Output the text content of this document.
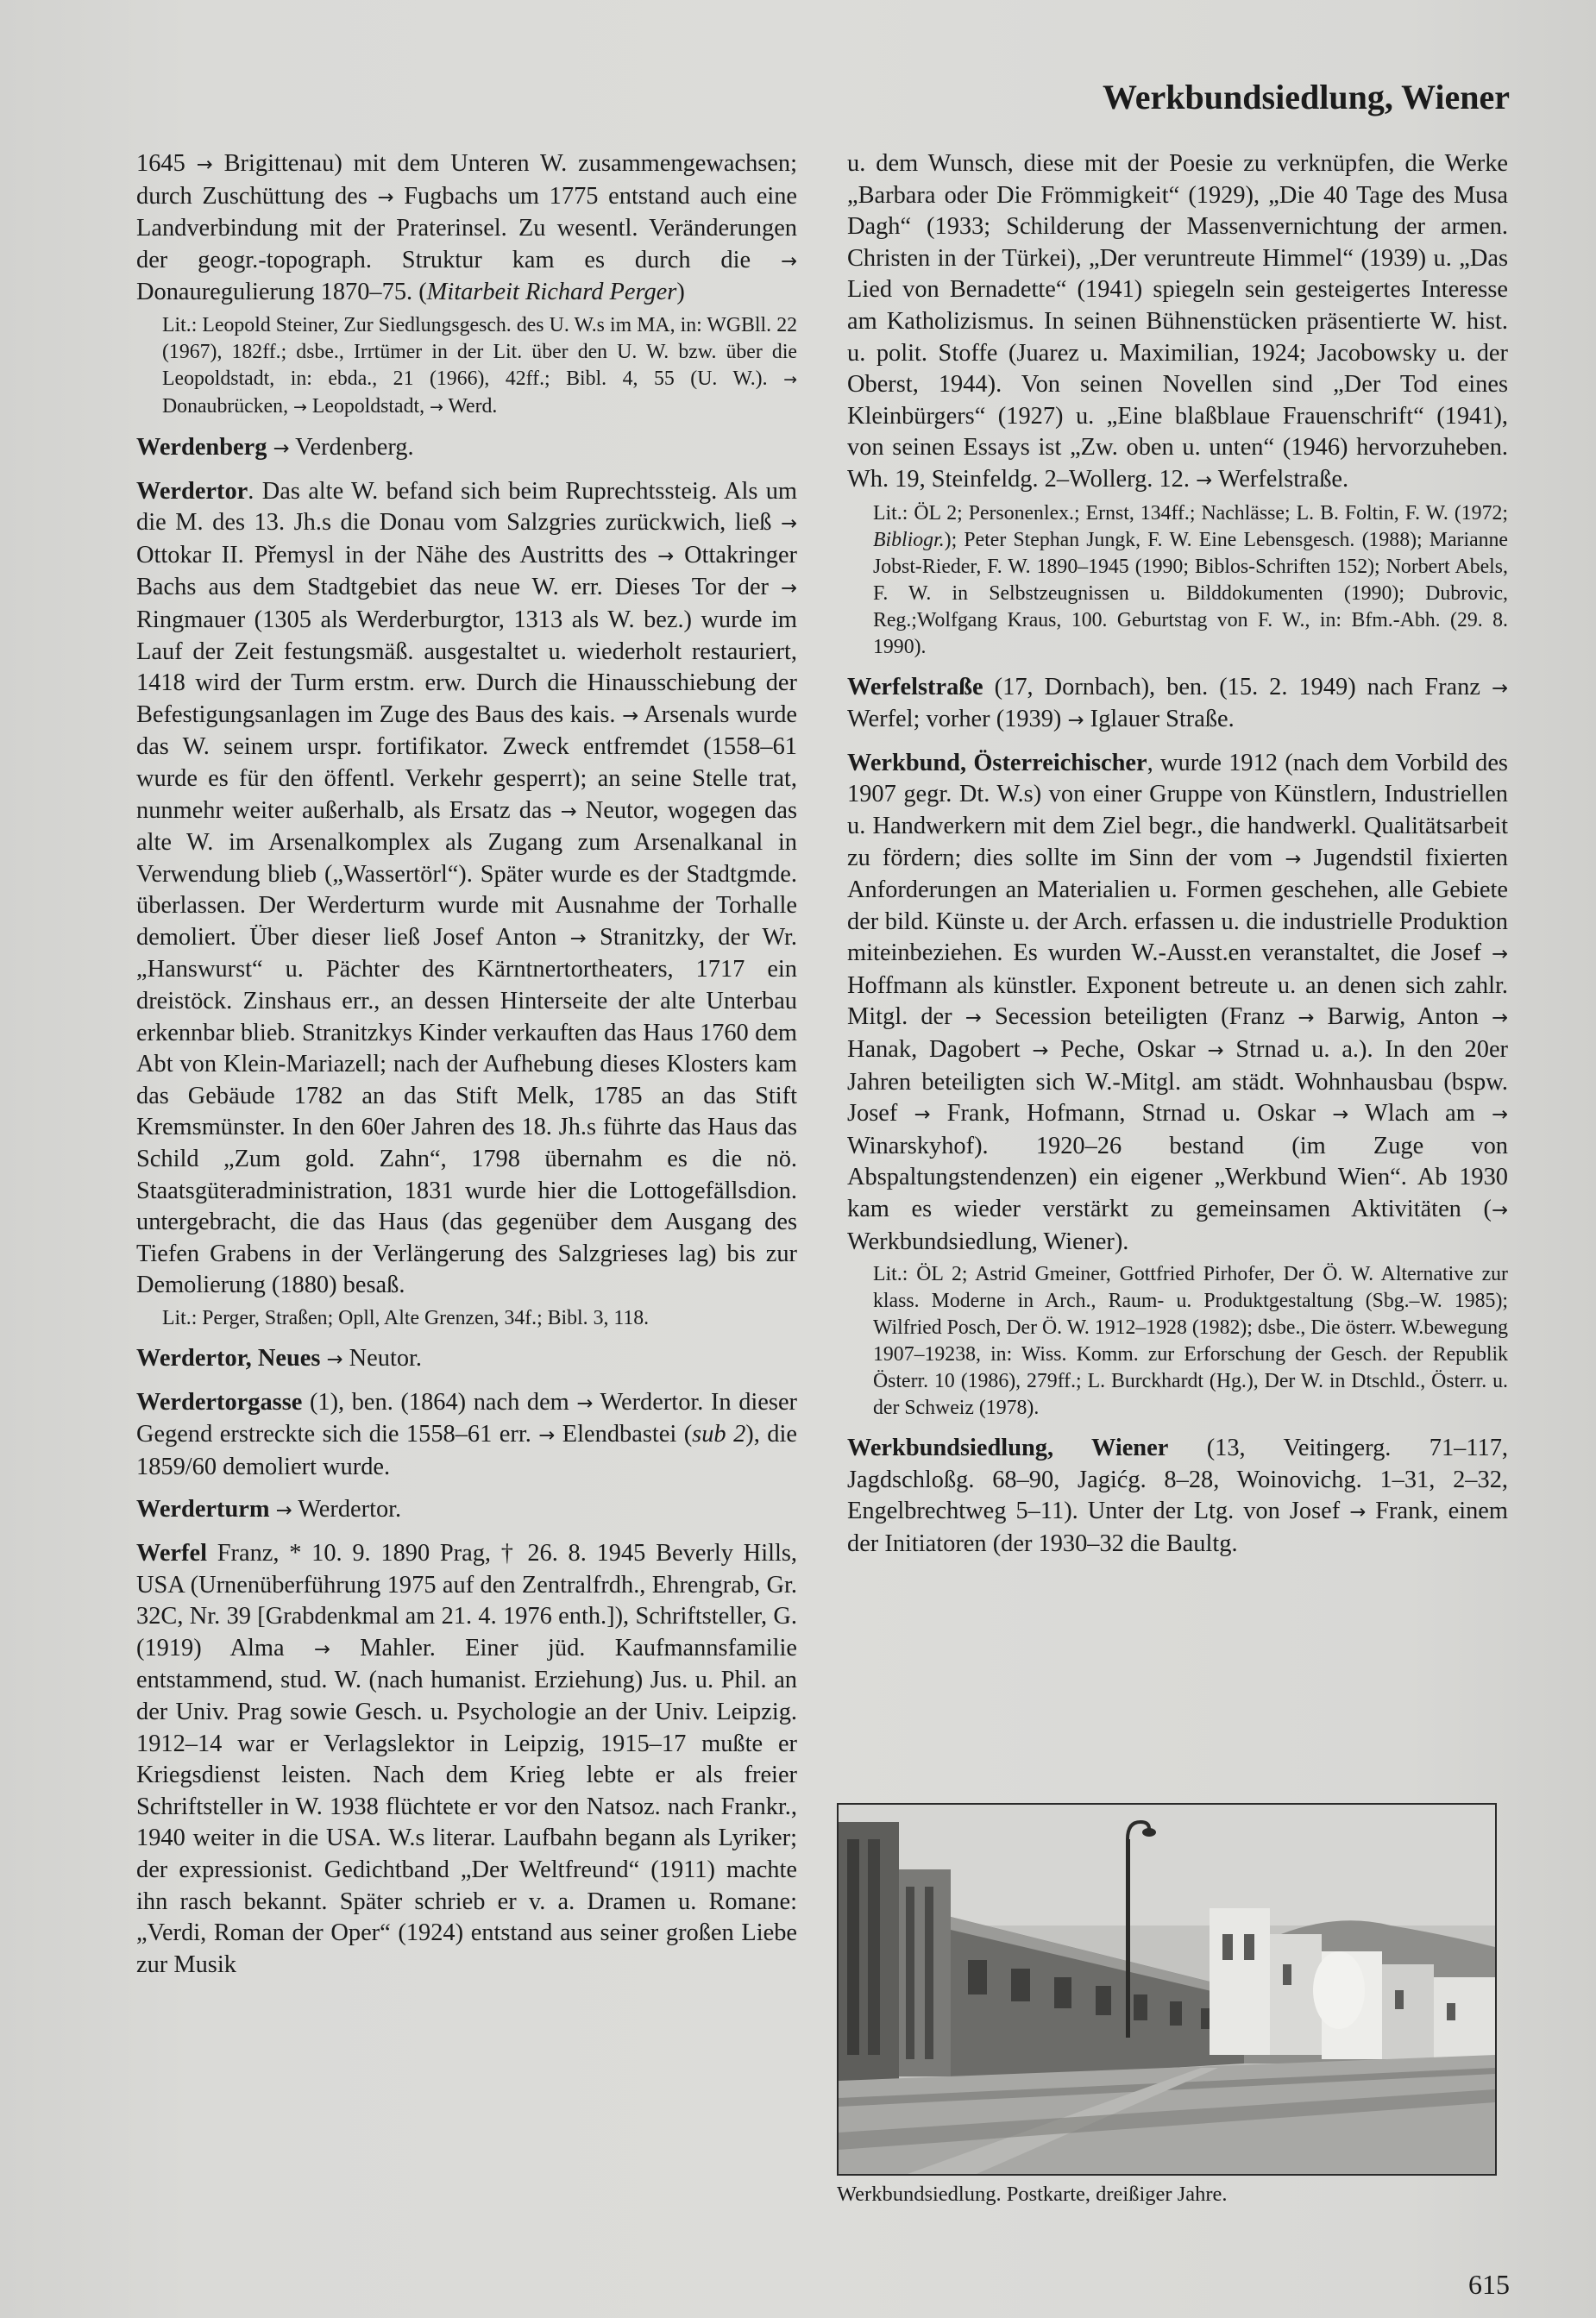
Werkbundsiedlung, Wiener

1645 → Brigittenau) mit dem Unteren W. zusammengewachsen; durch Zuschüttung des → Fugbachs um 1775 entstand auch eine Landverbindung mit der Praterinsel. Zu wesentl. Veränderungen der geogr.-topograph. Struktur kam es durch die → Donauregulierung 1870–75. (Mitarbeit Richard Perger)

Lit.: Leopold Steiner, Zur Siedlungsgesch. des U. W.s im MA, in: WGBll. 22 (1967), 182ff.; dsbe., Irrtümer in der Lit. über den U. W. bzw. über die Leopoldstadt, in: ebda., 21 (1966), 42ff.; Bibl. 4, 55 (U. W.). → Donaubrücken, → Leopoldstadt, → Werd.

Werdenberg → Verdenberg.

Werdertor. Das alte W. befand sich beim Ruprechtssteig. Als um die M. des 13. Jh.s die Donau vom Salzgries zurückwich, ließ → Ottokar II. Přemysl in der Nähe des Austritts des → Ottakringer Bachs aus dem Stadtgebiet das neue W. err. Dieses Tor der → Ringmauer (1305 als Werderburgtor, 1313 als W. bez.) wurde im Lauf der Zeit festungsmäß. ausgestaltet u. wiederholt restauriert, 1418 wird der Turm erstm. erw. Durch die Hinausschiebung der Befestigungsanlagen im Zuge des Baus des kais. → Arsenals wurde das W. seinem urspr. fortifikator. Zweck entfremdet (1558–61 wurde es für den öffentl. Verkehr gesperrt); an seine Stelle trat, nunmehr weiter außerhalb, als Ersatz das → Neutor, wogegen das alte W. im Arsenalkomplex als Zugang zum Arsenalkanal in Verwendung blieb („Wassertörl“). Später wurde es der Stadtgmde. überlassen. Der Werderturm wurde mit Ausnahme der Torhalle demoliert. Über dieser ließ Josef Anton → Stranitzky, der Wr. „Hanswurst“ u. Pächter des Kärntnertortheaters, 1717 ein dreistöck. Zinshaus err., an dessen Hinterseite der alte Unterbau erkennbar blieb. Stranitzkys Kinder verkauften das Haus 1760 dem Abt von Klein-Mariazell; nach der Aufhebung dieses Klosters kam das Gebäude 1782 an das Stift Melk, 1785 an das Stift Kremsmünster. In den 60er Jahren des 18. Jh.s führte das Haus das Schild „Zum gold. Zahn“, 1798 übernahm es die nö. Staatsgüteradministration, 1831 wurde hier die Lottogefällsdion. untergebracht, die das Haus (das gegenüber dem Ausgang des Tiefen Grabens in der Verlängerung des Salzgrieses lag) bis zur Demolierung (1880) besaß.

Lit.: Perger, Straßen; Opll, Alte Grenzen, 34f.; Bibl. 3, 118.

Werdertor, Neues → Neutor.

Werdertorgasse (1), ben. (1864) nach dem → Werdertor. In dieser Gegend erstreckte sich die 1558–61 err. → Elendbastei (sub 2), die 1859/60 demoliert wurde.

Werderturm → Werdertor.

Werfel Franz, * 10. 9. 1890 Prag, † 26. 8. 1945 Beverly Hills, USA (Urnenüberführung 1975 auf den Zentralfrdh., Ehrengrab, Gr. 32C, Nr. 39 [Grabdenkmal am 21. 4. 1976 enth.]), Schriftsteller, G. (1919) Alma → Mahler. Einer jüd. Kaufmannsfamilie entstammend, stud. W. (nach humanist. Erziehung) Jus. u. Phil. an der Univ. Prag sowie Gesch. u. Psychologie an der Univ. Leipzig. 1912–14 war er Verlagslektor in Leipzig, 1915–17 mußte er Kriegsdienst leisten. Nach dem Krieg lebte er als freier Schriftsteller in W. 1938 flüchtete er vor den Natsoz. nach Frankr., 1940 weiter in die USA. W.s literar. Laufbahn begann als Lyriker; der expressionist. Gedichtband „Der Weltfreund“ (1911) machte ihn rasch bekannt. Später schrieb er v. a. Dramen u. Romane: „Verdi, Roman der Oper“ (1924) entstand aus seiner großen Liebe zur Musik

u. dem Wunsch, diese mit der Poesie zu verknüpfen, die Werke „Barbara oder Die Frömmigkeit“ (1929), „Die 40 Tage des Musa Dagh“ (1933; Schilderung der Massenvernichtung der armen. Christen in der Türkei), „Der veruntreute Himmel“ (1939) u. „Das Lied von Bernadette“ (1941) spiegeln sein gesteigertes Interesse am Katholizismus. In seinen Bühnenstücken präsentierte W. hist. u. polit. Stoffe (Juarez u. Maximilian, 1924; Jacobowsky u. der Oberst, 1944). Von seinen Novellen sind „Der Tod eines Kleinbürgers“ (1927) u. „Eine blaßblaue Frauenschrift“ (1941), von seinen Essays ist „Zw. oben u. unten“ (1946) hervorzuheben. Wh. 19, Steinfeldg. 2–Wollerg. 12. → Werfelstraße.

Lit.: ÖL 2; Personenlex.; Ernst, 134ff.; Nachlässe; L. B. Foltin, F. W. (1972; Bibliogr.); Peter Stephan Jungk, F. W. Eine Lebensgesch. (1988); Marianne Jobst-Rieder, F. W. 1890–1945 (1990; Biblos-Schriften 152); Norbert Abels, F. W. in Selbstzeugnissen u. Bilddokumenten (1990); Dubrovic, Reg.;Wolfgang Kraus, 100. Geburtstag von F. W., in: Bfm.-Abh. (29. 8. 1990).

Werfelstraße (17, Dornbach), ben. (15. 2. 1949) nach Franz → Werfel; vorher (1939) → Iglauer Straße.

Werkbund, Österreichischer, wurde 1912 (nach dem Vorbild des 1907 gegr. Dt. W.s) von einer Gruppe von Künstlern, Industriellen u. Handwerkern mit dem Ziel begr., die handwerkl. Qualitätsarbeit zu fördern; dies sollte im Sinn der vom → Jugendstil fixierten Anforderungen an Materialien u. Formen geschehen, alle Gebiete der bild. Künste u. der Arch. erfassen u. die industrielle Produktion miteinbeziehen. Es wurden W.-Ausst.en veranstaltet, die Josef → Hoffmann als künstler. Exponent betreute u. an denen sich zahlr. Mitgl. der → Secession beteiligten (Franz → Barwig, Anton → Hanak, Dagobert → Peche, Oskar → Strnad u. a.). In den 20er Jahren beteiligten sich W.-Mitgl. am städt. Wohnhausbau (bspw. Josef → Frank, Hofmann, Strnad u. Oskar → Wlach am → Winarskyhof). 1920–26 bestand (im Zuge von Abspaltungstendenzen) ein eigener „Werkbund Wien“. Ab 1930 kam es wieder verstärkt zu gemeinsamen Aktivitäten (→ Werkbundsiedlung, Wiener).

Lit.: ÖL 2; Astrid Gmeiner, Gottfried Pirhofer, Der Ö. W. Alternative zur klass. Moderne in Arch., Raum- u. Produktgestaltung (Sbg.–W. 1985); Wilfried Posch, Der Ö. W. 1912–1928 (1982); dsbe., Die österr. W.bewegung 1907–19238, in: Wiss. Komm. zur Erforschung der Gesch. der Republik Österr. 10 (1986), 279ff.; L. Burckhardt (Hg.), Der W. in Dtschld., Österr. u. der Schweiz (1978).

Werkbundsiedlung, Wiener (13, Veitingerg. 71–117, Jagdschloßg. 68–90, Jagićg. 8–28, Woinovichg. 1–31, 2–32, Engelbrechtweg 5–11). Unter der Ltg. von Josef → Frank, einem der Initiatoren (der 1930–32 die Baultg.

Werkbundsiedlung. Postkarte, dreißiger Jahre.

615
